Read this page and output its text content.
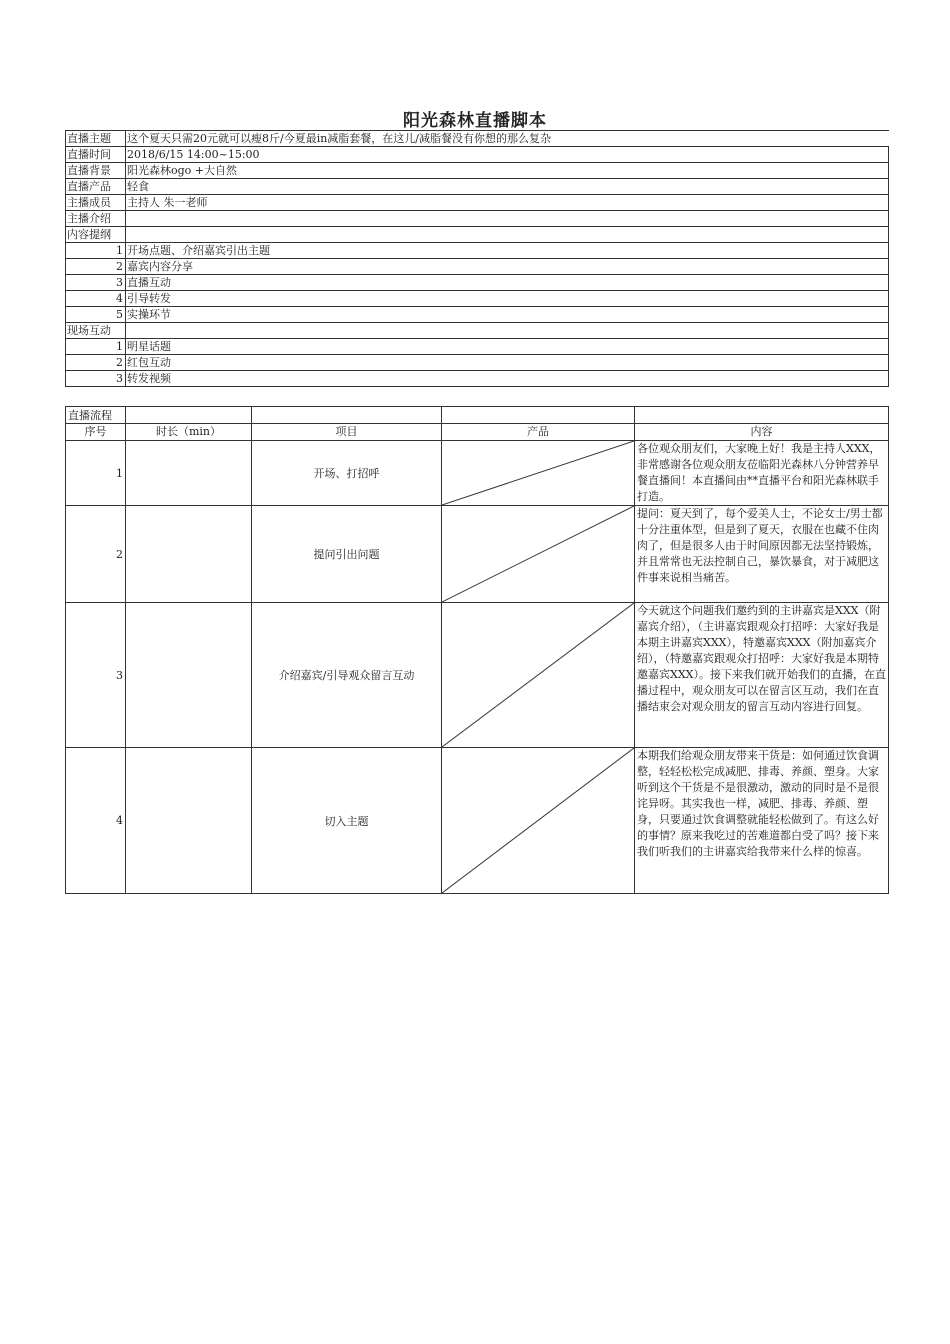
阳光森林直播脚本
直播主题	这个夏天只需20元就可以瘦8斤/今夏最in减脂套餐，在这儿/减脂餐没有你想的那么复杂	
直播时间	2018/6/15 14:00~15:00	
直播背景	阳光森林ogo +大自然	
直播产品	轻食	
主播成员	主持人 朱一老师	
主播介绍		
内容提纲		
1	开场点题、介绍嘉宾引出主题	
2	嘉宾内容分享	
3	直播互动	
4	引导转发	
5	实操环节	
现场互动		
1	明星话题	
2	红包互动	
3	转发视频	
直播流程				
序号	时长（min）	项目	产品	内容
1		开场、打招呼		各位观众朋友们，大家晚上好！我是主持人XXX，非常感谢各位观众朋友莅临阳光森林八分钟营养早餐直播间！本直播间由**直播平台和阳光森林联手打造。
2		提问引出问题		提问：夏天到了，每个爱美人士，不论女士/男士都十分注重体型，但是到了夏天，衣服在也藏不住肉肉了，但是很多人由于时间原因都无法坚持锻炼，并且常常也无法控制自己，暴饮暴食，对于减肥这件事来说相当痛苦。
3		介绍嘉宾/引导观众留言互动		今天就这个问题我们邀约到的主讲嘉宾是XXX（附嘉宾介绍），（主讲嘉宾跟观众打招呼：大家好我是本期主讲嘉宾XXX），特邀嘉宾XXX（附加嘉宾介绍），（特邀嘉宾跟观众打招呼：大家好我是本期特邀嘉宾XXX）。接下来我们就开始我们的直播，在直播过程中，观众朋友可以在留言区互动，我们在直播结束会对观众朋友的留言互动内容进行回复。
4		切入主题		本期我们给观众朋友带来干货是：如何通过饮食调整，轻轻松松完成减肥、排毒、养颜、塑身。大家听到这个干货是不是很激动，激动的同时是不是很诧异呀。其实我也一样，减肥、排毒、养颜、塑身，只要通过饮食调整就能轻松做到了。有这么好的事情？原来我吃过的苦难道都白受了吗？接下来我们听我们的主讲嘉宾给我带来什么样的惊喜。
